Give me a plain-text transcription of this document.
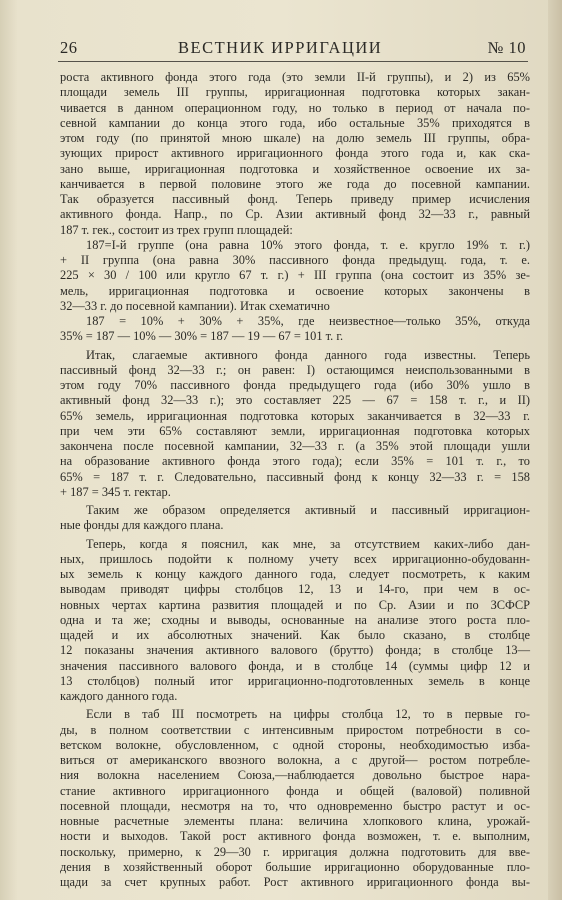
26	ВЕСТНИК ИРРИГАЦИИ	№ 10
роста активного фонда этого года (это земли II-й группы), и 2) из 65%
площади земель III группы, ирригационная подготовка которых закан-
чивается в данном операционном году, но только в период от начала по-
севной кампании до конца этого года, ибо остальные 35% приходятся в
этом году (по принятой мною шкале) на долю земель III группы, обра-
зующих прирост активного ирригационного фонда этого года и, как ска-
зано выше, ирригационная подготовка и хозяйственное освоение их за-
канчивается в первой половине этого же года до посевной кампании.
Так образуется пассивный фонд. Теперь приведу пример исчисления
активного фонда. Напр., по Ср. Азии активный фонд 32—33 г., равный
187 т. гек., состоит из трех групп площадей:
187=I-й группе (она равна 10% этого фонда, т. е. кругло 19% т. г.)
+ II группа (она равна 30% пассивного фонда предыдущ. года, т. е.
225 × 30 / 100 или кругло 67 т. г.) + III группа (она состоит из 35% зе-
мель, ирригационная подготовка и освоение которых закончены в
32—33 г. до посевной кампании). Итак схематично
187 = 10% + 30% + 35%, где неизвестное—только 35%, откуда
35% = 187 — 10% — 30% = 187 — 19 — 67 = 101 т. г.
Итак, слагаемые активного фонда данного года известны. Теперь
пассивный фонд 32—33 г.; он равен: I) остающимся неиспользованными в
этом году 70% пассивного фонда предыдущего года (ибо 30% ушло в
активный фонд 32—33 г.); это составляет 225 — 67 = 158 т. г., и II)
65% земель, ирригационная подготовка которых заканчивается в 32—33 г.
при чем эти 65% составляют земли, ирригационная подготовка которых
закончена после посевной кампании, 32—33 г. (а 35% этой площади ушли
на образование активного фонда этого года); если 35% = 101 т. г., то
65% = 187 т. г. Следовательно, пассивный фонд к концу 32—33 г. = 158
+ 187 = 345 т. гектар.
Таким же образом определяется активный и пассивный ирригацион-
ные фонды для каждого плана.
Теперь, когда я пояснил, как мне, за отсутствием каких-либо дан-
ных, пришлось подойти к полному учету всех ирригационно-обудованн-
ых земель к концу каждого данного года, следует посмотреть, к каким
выводам приводят цифры столбцов 12, 13 и 14-го, при чем в ос-
новных чертах картина развития площадей и по Ср. Азии и по ЗСФСР
одна и та же; сходны и выводы, основанные на анализе этого роста пло-
щадей и их абсолютных значений. Как было сказано, в столбце
12 показаны значения активного валового (брутто) фонда; в столбце 13—
значения пассивного валового фонда, и в столбце 14 (суммы цифр 12 и
13 столбцов) полный итог ирригационно-подготовленных земель в конце
каждого данного года.
Если в таб III посмотреть на цифры столбца 12, то в первые го-
ды, в полном соответствии с интенсивным приростом потребности в со-
ветском волокне, обусловленном, с одной стороны, необходимостью изба-
виться от американского ввозного волокна, а с другой— ростом потребле-
ния волокна населением Союза,—наблюдается довольно быстрое нара-
стание активного ирригационного фонда и общей (валовой) поливной
посевной площади, несмотря на то, что одновременно быстро растут и ос-
новные расчетные элементы плана: величина хлопкового клина, урожай-
ности и выходов. Такой рост активного фонда возможен, т. е. выполним,
поскольку, примерно, к 29—30 г. ирригация должна подготовить для вве-
дения в хозяйственный оборот большие ирригационно оборудованные пло-
щади за счет крупных работ. Рост активного ирригационного фонда вы-
